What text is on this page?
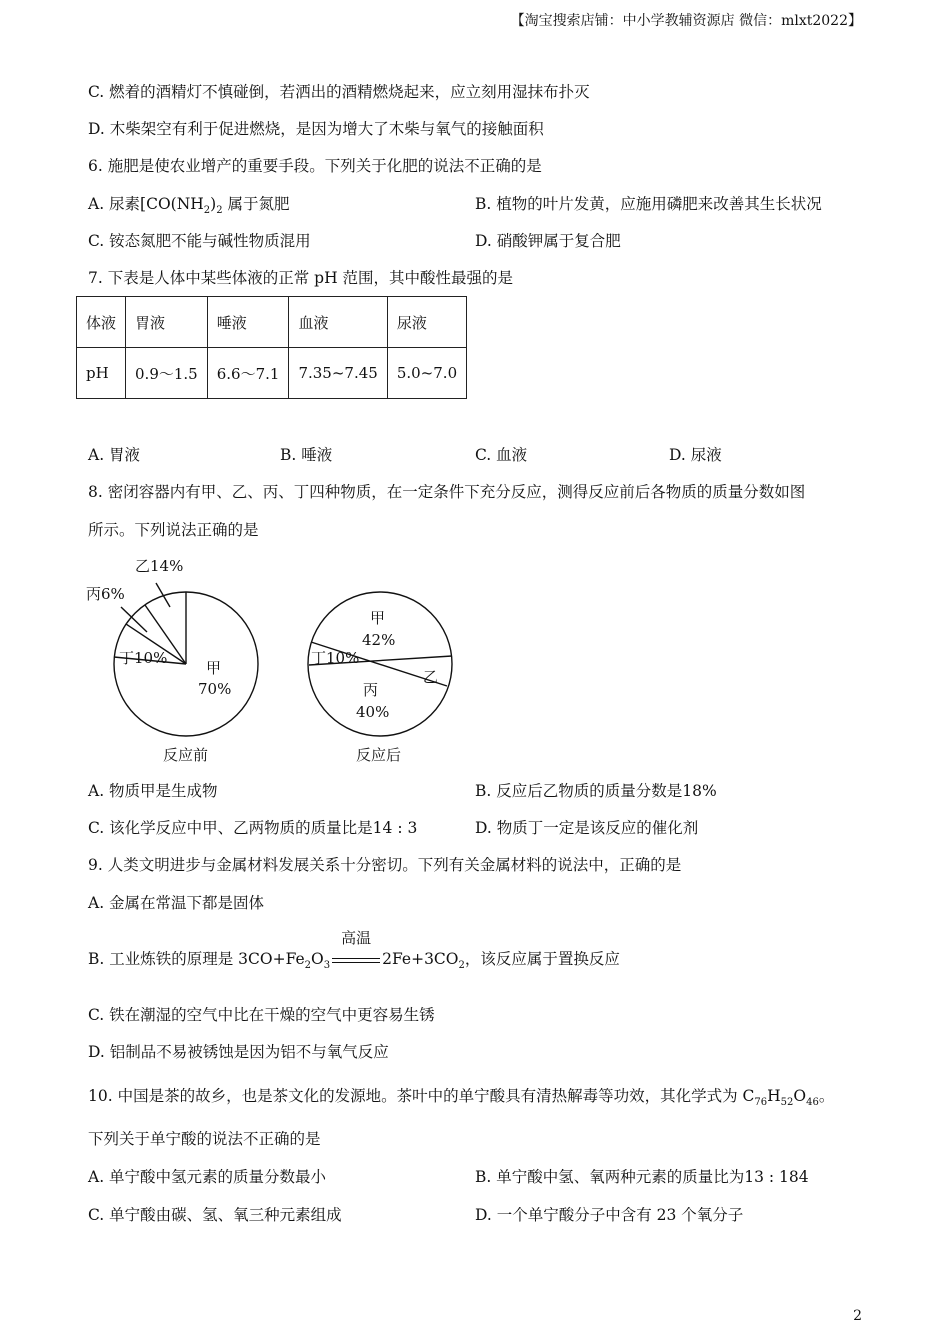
【淘宝搜索店铺：中小学教辅资源店 微信：mlxt2022】
C. 燃着的酒精灯不慎碰倒，若洒出的酒精燃烧起来，应立刻用湿抹布扑灭
D. 木柴架空有利于促进燃烧，是因为增大了木柴与氧气的接触面积
6. 施肥是使农业增产的重要手段。下列关于化肥的说法不正确的是
A. 尿素[$CO(NH_2)_2$ 属于氮肥	B. 植物的叶片发黄，应施用磷肥来改善其生长状况
C. 铵态氮肥不能与碱性物质混用	D. 硝酸钾属于复合肥
7. 下表是人体中某些体液的正常 pH 范围，其中酸性最强的是
体液	胃液	唾液	血液	尿液
pH	0.9～1.5	6.6～7.1	7.35~7.45	5.0~7.0
A. 胃液	B. 唾液	C. 血液	D. 尿液
8. 密闭容器内有甲、乙、丙、丁四种物质，在一定条件下充分反应，测得反应前后各物质的质量分数如图
所示。下列说法正确的是
乙14%
丙6%
丁10%
甲
70%
甲
42%
丁10%
乙
丙
40%
反应前	反应后
A. 物质甲是生成物	B. 反应后乙物质的质量分数是18%
C. 该化学反应中甲、乙两物质的质量比是14 : 3	D. 物质丁一定是该反应的催化剂
9. 人类文明进步与金属材料发展关系十分密切。下列有关金属材料的说法中，正确的是
A. 金属在常温下都是固体
B. 工业炼铁的原理是 $3CO+Fe_2O_3$
高温
$2Fe+3CO_2$，该反应属于置换反应
C. 铁在潮湿的空气中比在干燥的空气中更容易生锈
D. 铝制品不易被锈蚀是因为铝不与氧气反应
10. 中国是茶的故乡，也是茶文化的发源地。茶叶中的单宁酸具有清热解毒等功效，其化学式为 $C_{76}H_{52}O_{46}$。
下列关于单宁酸的说法不正确的是
A. 单宁酸中氢元素的质量分数最小	B. 单宁酸中氢、氧两种元素的质量比为13 : 184
C. 单宁酸由碳、氢、氧三种元素组成	D. 一个单宁酸分子中含有 23 个氧分子
2
